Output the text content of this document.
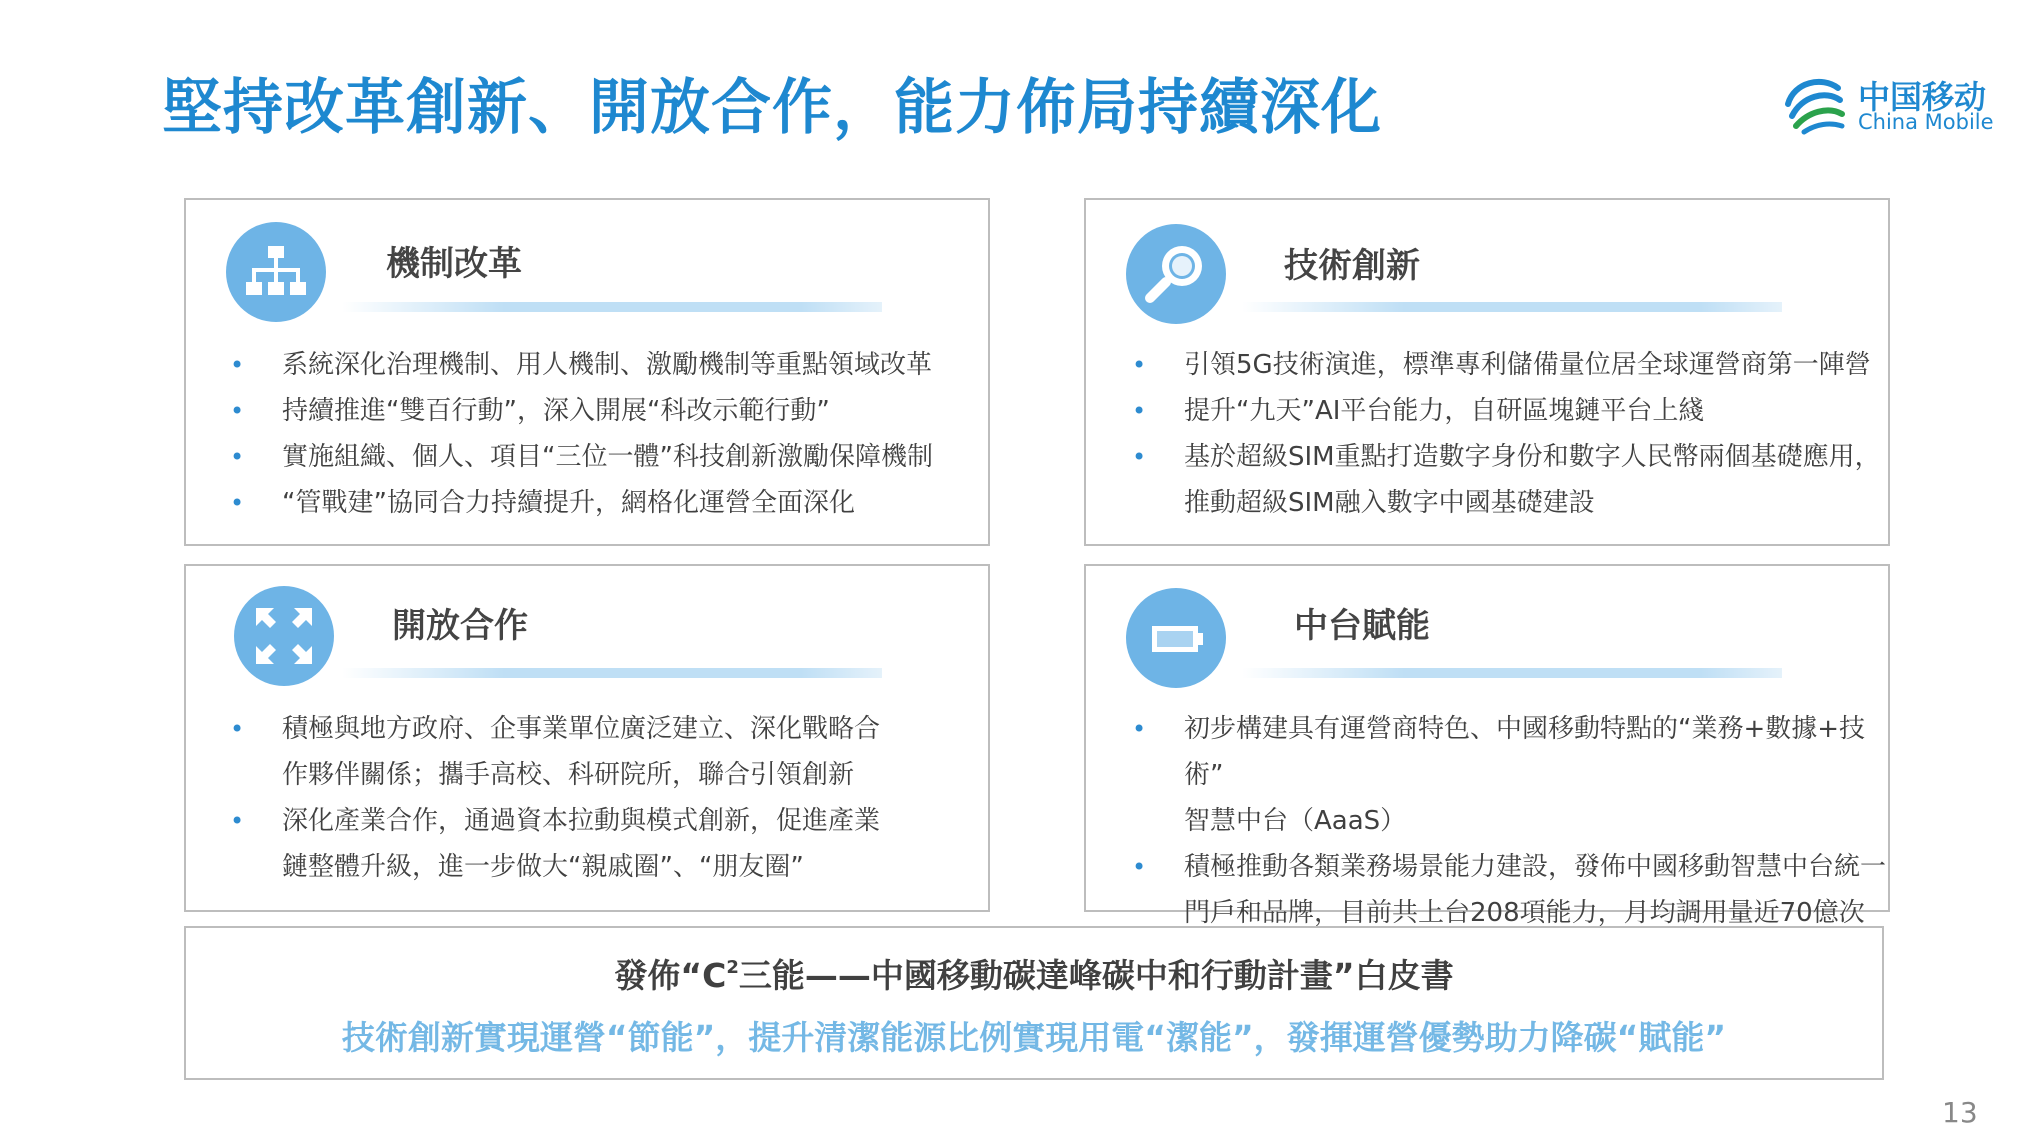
堅持改革創新、開放合作，能力佈局持續深化	中国移动
China Mobile
機制改革
• 系統深化治理機制、用人機制、激勵機制等重點領域改革
• 持續推進“雙百行動”，深入開展“科改示範行動”
• 實施組織、個人、項目“三位一體”科技創新激勵保障機制
• “管戰建”協同合力持續提升，網格化運營全面深化
技術創新
• 引領5G技術演進，標準專利儲備量位居全球運營商第一陣營
• 提升“九天”AI平台能力，自研區塊鏈平台上綫
• 基於超級SIM重點打造數字身份和數字人民幣兩個基礎應用，
推動超級SIM融入數字中國基礎建設
開放合作
• 積極與地方政府、企事業單位廣泛建立、深化戰略合
作夥伴關係；攜手高校、科研院所，聯合引領創新
• 深化產業合作，通過資本拉動與模式創新，促進產業
鏈整體升級，進一步做大“親戚圈”、“朋友圈”
中台賦能
• 初步構建具有運營商特色、中國移動特點的“業務+數據+技術”
智慧中台（AaaS）
• 積極推動各類業務場景能力建設，發佈中國移動智慧中台統一
門戶和品牌，目前共上台208項能力，月均調用量近70億次
發佈“$C^2$三能——中國移動碳達峰碳中和行動計畫”白皮書
技術創新實現運營“節能”，提升清潔能源比例實現用電“潔能”，發揮運營優勢助力降碳“賦能”
13
